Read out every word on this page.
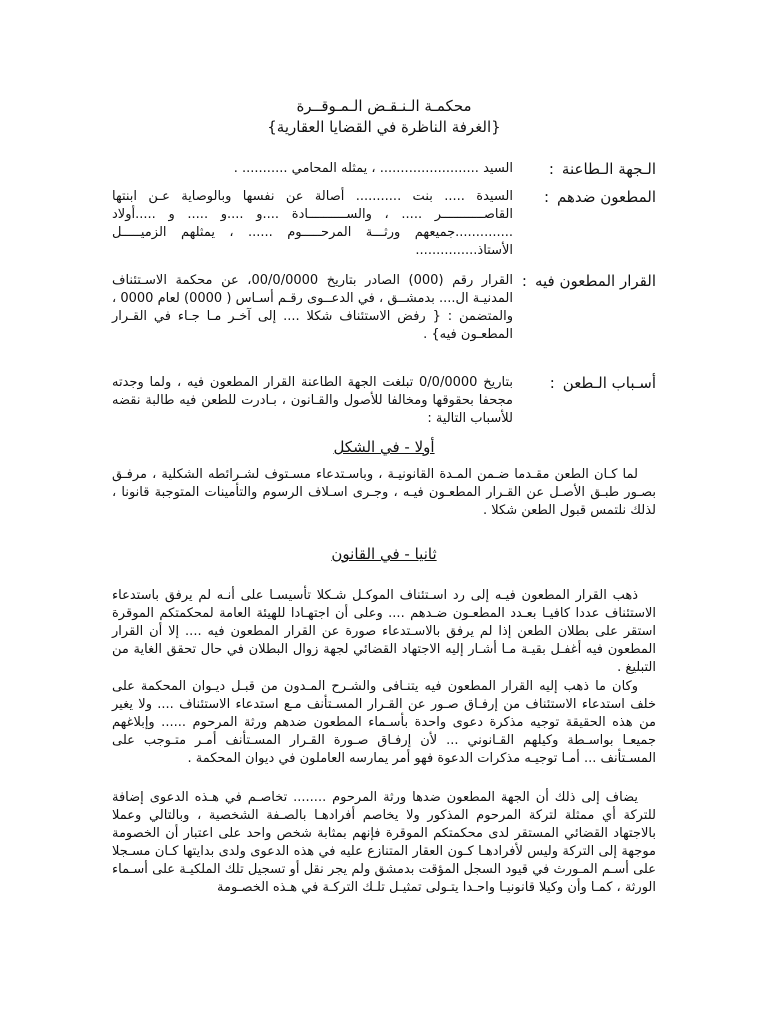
محكمـة الـنـقـض الـمـوقــرة
{الغرفة الناظرة في القضايا العقارية}
الـجهة الـطاعنة:
السيد ........................ ، يمثله المحامي ........... .
المطعون ضدهم:
السيدة ..... بنت ........... أصالة عن نفسها وبالوصاية عـن ابنتها القاصـــــــــــر ..... ، والســــــــــادة ....و ....و ..... و .....أولاد ..............جميعهم ورثـــة المرحـــــوم ...... ، يمثلهم الزميـــــل الأستاذ...............
القرار المطعون فيه:
القرار رقم (000) الصادر بتاريخ 00/0/0000، عن محكمة الاسـتئناف المدنيـة ال.... بدمشــق ، في الدعــوى رقـم أسـاس ( 0000) لعام 0000 ، والمتضمن : { رفض الاستئناف شكلا .... إلى آخـر مـا جـاء في القـرار المطعـون فيه} .
أسـباب الـطعن:
بتاريخ 0/0/0000 تبلغت الجهة الطاعنة القرار المطعون فيه ، ولما وجدته مجحفا بحقوقها ومخالفا للأصول والقـانون ، بـادرت للطعن فيه طالبة نقضه للأسباب التالية :
أولا - في الشكل
لما كـان الطعن مقـدما ضـمن المـدة القانونيـة ، وباسـتدعاء مسـتوف لشـرائطه الشكلية ، مرفـق بصـور طبـق الأصـل عن القـرار المطعـون فيـه ، وجـرى اسـلاف الرسوم والتأمينات المتوجبة قانونا ، لذلك نلتمس قبول الطعن شكلا .
ثانيا - في القانون
ذهب القرار المطعون فيـه إلى رد اسـتئناف الموكـل شـكلا تأسيسـا على أنـه لم يرفق باستدعاء الاستئناف عددا كافيـا بعـدد المطعـون ضـدهم .... وعلى أن اجتهـادا للهيئة العامة لمحكمتكم الموقرة استقر على بطلان الطعن إذا لم يرفق بالاسـتدعاء صورة عن القرار المطعون فيه .... إلا أن القرار المطعون فيه أغفـل بقيـة مـا أشـار إليه الاجتهاد القضائي لجهة زوال البطلان في حال تحقق الغاية من التبليغ .
وكان ما ذهب إليه القرار المطعون فيه يتنـافى والشـرح المـدون من قبـل ديـوان المحكمة على خلف استدعاء الاستئناف من إرفـاق صـور عن القـرار المسـتأنف مـع استدعاء الاستئناف .... ولا يغير من هذه الحقيقة توجيه مذكرة دعوى واحدة بأسـماء المطعون ضدهم ورثة المرحوم ...... وإبلاغهم جميعـا بواسـطة وكيلهم القـانوني ... لأن إرفـاق صـورة القـرار المسـتأنف أمـر متـوجب على المسـتأنف ... أمـا توجيـه مذكرات الدعوة فهو أمر يمارسه العاملون في ديوان المحكمة .
يضاف إلى ذلك أن الجهة المطعون ضدها ورثة المرحوم ........ تخاصـم في هـذه الدعوى إضافة للتركة أي ممثلة لتركة المرحوم المذكور ولا يخاصم أفرادهـا بالصـفة الشخصية ، وبالتالي وعملا بالاجتهاد القضائي المستقر لدى محكمتكم الموقرة فإنهم بمثابة شخص واحد على اعتبار أن الخصومة موجهة إلى التركة وليس لأفرادهـا كـون العقار المتنازع عليه في هذه الدعوى ولدى بدايتها كـان مسـجلا على أسـم المـورث في قيود السجل المؤقت بدمشق ولم يجر نقل أو تسجيل تلك الملكيـة على أسـماء الورثة ، كمـا وأن وكيلا قانونيـا واحـدا يتـولى تمثيـل تلـك التركـة في هـذه الخصـومة
